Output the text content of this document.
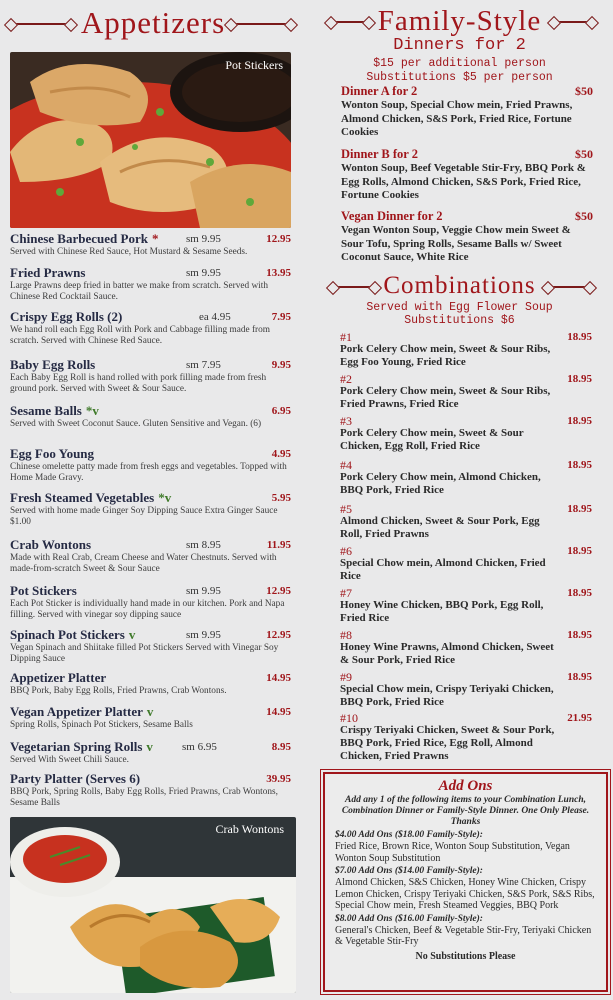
Appetizers
Pot Stickers
Chinese Barbecued Pork *	sm 9.95	12.95
Served with Chinese Red Sauce, Hot Mustard & Sesame Seeds.
Fried Prawns	sm 9.95	13.95
Large Prawns deep fried in batter we make from scratch. Served with Chinese Red Cocktail Sauce.
Crispy Egg Rolls (2)	ea 4.95	7.95
We hand roll each Egg Roll with Pork and Cabbage filling made from scratch. Served with Chinese Red Sauce.
Baby Egg Rolls	sm 7.95	9.95
Each Baby Egg Roll is hand rolled with pork filling made from fresh ground pork. Served with Sweet & Sour Sauce.
Sesame Balls *v	6.95
Served with Sweet Coconut Sauce. Gluten Sensitive and Vegan. (6)
Egg Foo Young	4.95
Chinese omelette patty made from fresh eggs and vegetables. Topped with Home Made Gravy.
Fresh Steamed Vegetables *v	5.95
Served with home made Ginger Soy Dipping Sauce Extra Ginger Sauce $1.00
Crab Wontons	sm 8.95	11.95
Made with Real Crab, Cream Cheese and Water Chestnuts. Served with made-from-scratch Sweet & Sour Sauce
Pot Stickers	sm 9.95	12.95
Each Pot Sticker is individually hand made in our kitchen. Pork and Napa filling. Served with vinegar soy dipping sauce
Spinach Pot Stickers v	sm 9.95	12.95
Vegan Spinach and Shiitake filled Pot Stickers Served with Vinegar Soy Dipping Sauce
Appetizer Platter	14.95
BBQ Pork, Baby Egg Rolls, Fried Prawns, Crab Wontons.
Vegan Appetizer Platter v	14.95
Spring Rolls, Spinach Pot Stickers, Sesame Balls
Vegetarian Spring Rolls v	sm 6.95	8.95
Served With Sweet Chili Sauce.
Party Platter (Serves 6)	39.95
BBQ Pork, Spring Rolls, Baby Egg Rolls, Fried Prawns, Crab Wontons, Sesame Balls
Crab Wontons
Family-Style
Dinners for 2
$15 per additional person
Substitutions $5 per person
Dinner A for 2	$50
Wonton Soup, Special Chow mein, Fried Prawns, Almond Chicken, S&S Pork, Fried Rice, Fortune Cookies
Dinner B for 2	$50
Wonton Soup, Beef Vegetable Stir-Fry, BBQ Pork & Egg Rolls, Almond Chicken, S&S Pork, Fried Rice, Fortune Cookies
Vegan Dinner for 2	$50
Vegan Wonton Soup, Veggie Chow mein Sweet & Sour Tofu, Spring Rolls, Sesame Balls w/ Sweet Coconut Sauce, White Rice
Combinations
Served with Egg Flower Soup
Substitutions $6
#1	18.95
Pork Celery Chow mein, Sweet & Sour Ribs, Egg Foo Young, Fried Rice
#2	18.95
Pork Celery Chow mein, Sweet & Sour Ribs, Fried Prawns, Fried Rice
#3	18.95
Pork Celery Chow mein, Sweet & Sour Chicken, Egg Roll, Fried Rice
#4	18.95
Pork Celery Chow mein, Almond Chicken, BBQ Pork, Fried Rice
#5	18.95
Almond Chicken, Sweet & Sour Pork, Egg Roll, Fried Prawns
#6	18.95
Special Chow mein, Almond Chicken, Fried Rice
#7	18.95
Honey Wine Chicken, BBQ Pork, Egg Roll, Fried Rice
#8	18.95
Honey Wine Prawns, Almond Chicken, Sweet & Sour Pork, Fried Rice
#9	18.95
Special Chow mein, Crispy Teriyaki Chicken, BBQ Pork, Fried Rice
#10	21.95
Crispy Teriyaki Chicken, Sweet & Sour Pork, BBQ Pork, Fried Rice, Egg Roll, Almond Chicken, Fried Prawns
Add Ons
Add any 1 of the following items to your Combination Lunch, Combination Dinner or Family-Style Dinner. One Only Please. Thanks
$4.00 Add Ons ($18.00 Family-Style):
Fried Rice, Brown Rice, Wonton Soup Substitution, Vegan Wonton Soup Substitution
$7.00 Add Ons ($14.00 Family-Style):
Almond Chicken, S&S Chicken, Honey Wine Chicken, Crispy Lemon Chicken, Crispy Teriyaki Chicken, S&S Pork, S&S Ribs, Special Chow mein, Fresh Steamed Veggies, BBQ Pork
$8.00 Add Ons ($16.00 Family-Style):
General's Chicken, Beef & Vegetable Stir-Fry, Teriyaki Chicken & Vegetable Stir-Fry
No Substitutions Please
